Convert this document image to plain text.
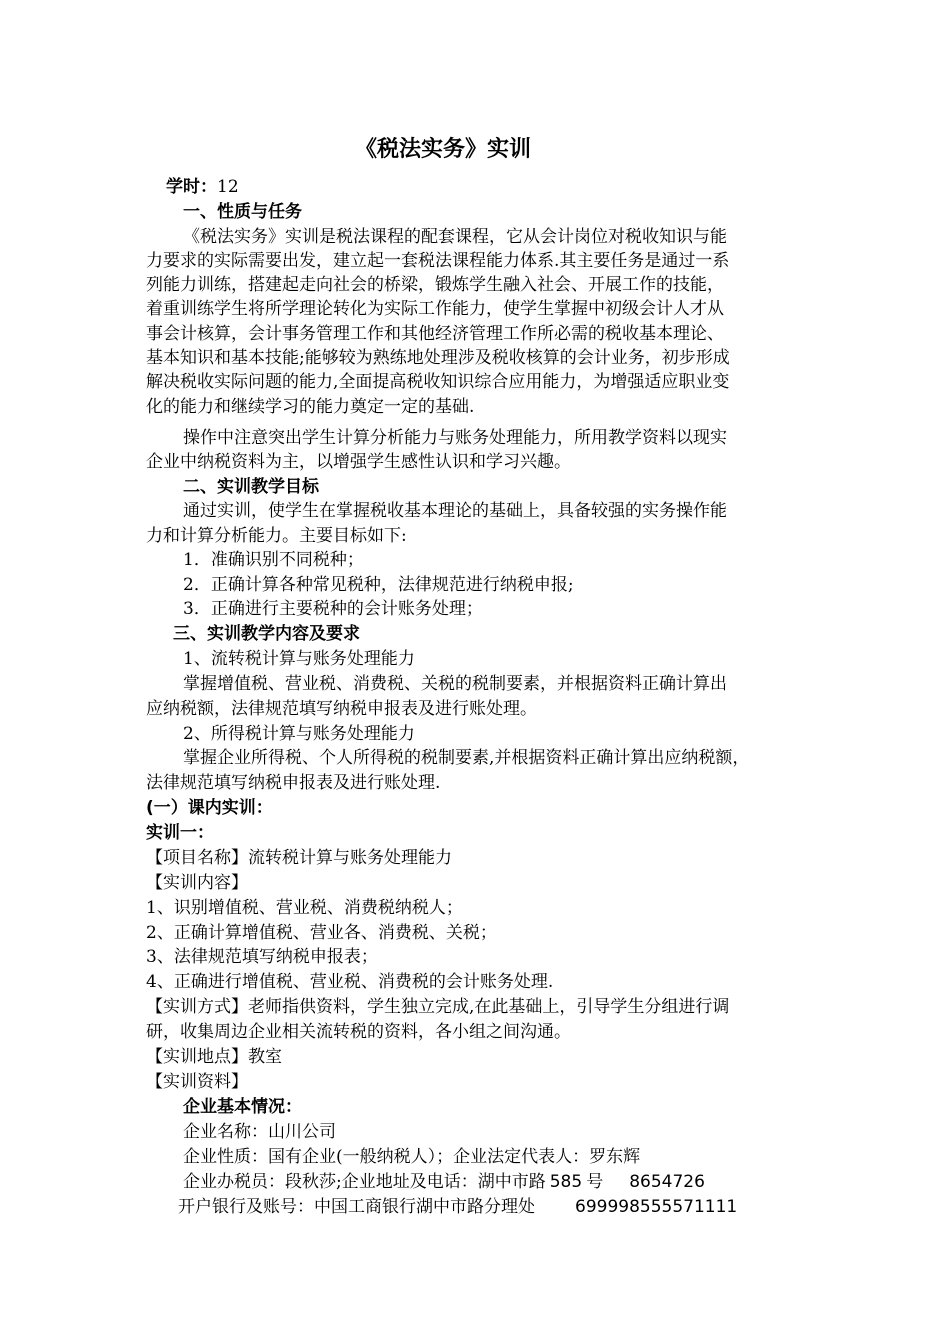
《税法实务》实训
学时：12
一、性质与任务
《税法实务》实训是税法课程的配套课程，它从会计岗位对税收知识与能
力要求的实际需要出发，建立起一套税法课程能力体系.其主要任务是通过一系
列能力训练，搭建起走向社会的桥梁，锻炼学生融入社会、开展工作的技能，
着重训练学生将所学理论转化为实际工作能力，使学生掌握中初级会计人才从
事会计核算，会计事务管理工作和其他经济管理工作所必需的税收基本理论、
基本知识和基本技能;能够较为熟练地处理涉及税收核算的会计业务，初步形成
解决税收实际问题的能力,全面提高税收知识综合应用能力，为增强适应职业变
化的能力和继续学习的能力奠定一定的基础.
操作中注意突出学生计算分析能力与账务处理能力，所用教学资料以现实
企业中纳税资料为主，以增强学生感性认识和学习兴趣。
二、实训教学目标
通过实训，使学生在掌握税收基本理论的基础上，具备较强的实务操作能
力和计算分析能力。主要目标如下:
1．准确识别不同税种；
2．正确计算各种常见税种，法律规范进行纳税申报;
3．正确进行主要税种的会计账务处理；
三、实训教学内容及要求
1、流转税计算与账务处理能力
掌握增值税、营业税、消费税、关税的税制要素，并根据资料正确计算出
应纳税额，法律规范填写纳税申报表及进行账处理。
2、所得税计算与账务处理能力
掌握企业所得税、个人所得税的税制要素,并根据资料正确计算出应纳税额，
法律规范填写纳税申报表及进行账处理.
(一）课内实训：
实训一：
【项目名称】流转税计算与账务处理能力
【实训内容】
1、识别增值税、营业税、消费税纳税人；
2、正确计算增值税、营业各、消费税、关税；
3、法律规范填写纳税申报表；
4、正确进行增值税、营业税、消费税的会计账务处理.
【实训方式】老师指供资料，学生独立完成,在此基础上，引导学生分组进行调
研，收集周边企业相关流转税的资料，各小组之间沟通。
【实训地点】教室
【实训资料】
企业基本情况：
企业名称：山川公司
企业性质：国有企业(一般纳税人）；企业法定代表人：罗东辉
企业办税员：段秋莎;企业地址及电话：湖中市路 585 号 8654726
开户银行及账号：中国工商银行湖中市路分理处 699998555571111
